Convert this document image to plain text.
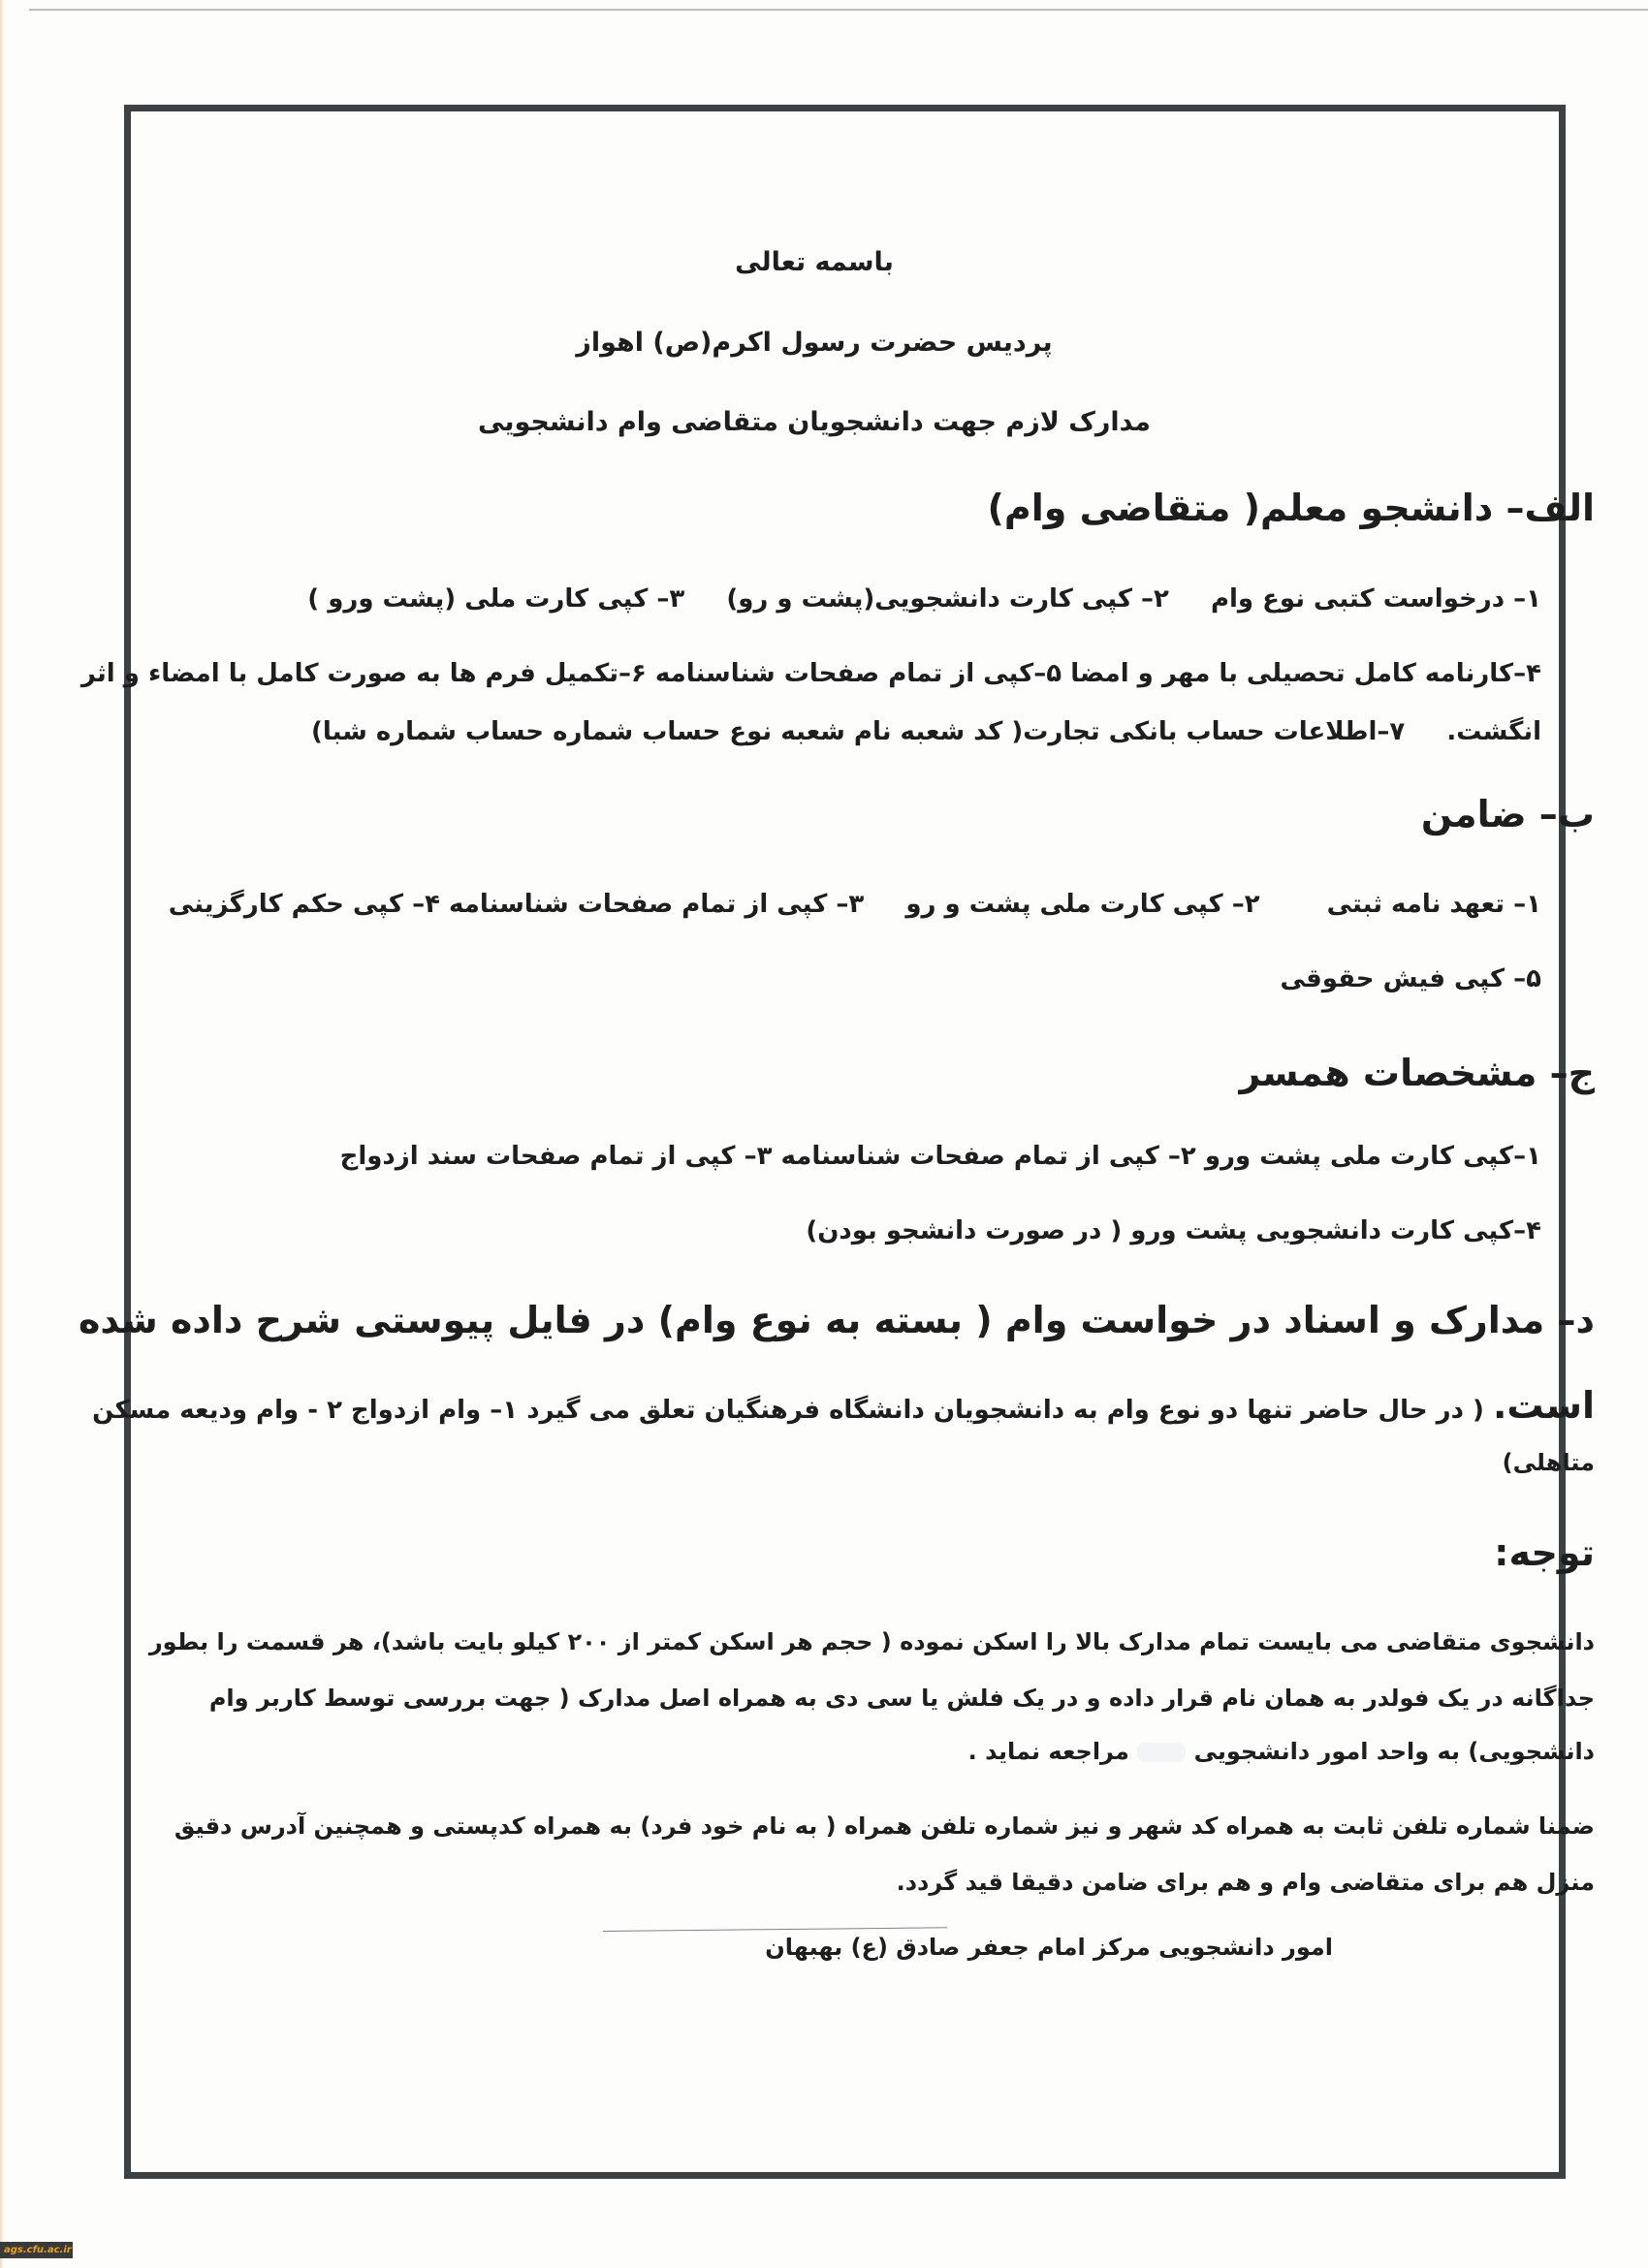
باسمه تعالی
پردیس حضرت رسول اکرم(ص) اهواز
مدارک لازم جهت دانشجویان متقاضی وام دانشجویی
الف– دانشجو معلم( متقاضی وام)
۱– درخواست کتبی نوع وام ۲– کپی کارت دانشجویی(پشت و رو) ۳– کپی کارت ملی (پشت ورو )
۴–کارنامه کامل تحصیلی با مهر و امضا ۵–کپی از تمام صفحات شناسنامه ۶–تکمیل فرم ها به صورت کامل با امضاء و اثر
انگشت. ۷–اطلاعات حساب بانکی تجارت( کد شعبه نام شعبه نوع حساب شماره حساب شماره شبا)
ب– ضامن
۱– تعهد نامه ثبتی ۲– کپی کارت ملی پشت و رو ۳– کپی از تمام صفحات شناسنامه ۴– کپی حکم کارگزینی
۵– کپی فیش حقوقی
ج– مشخصات همسر
۱–کپی کارت ملی پشت ورو ۲– کپی از تمام صفحات شناسنامه ۳– کپی از تمام صفحات سند ازدواج
۴–کپی کارت دانشجویی پشت ورو ( در صورت دانشجو بودن)
د– مدارک و اسناد در خواست وام ( بسته به نوع وام) در فایل پیوستی شرح داده شده
است. ( در حال حاضر تنها دو نوع وام به دانشجویان دانشگاه فرهنگیان تعلق می گیرد ۱– وام ازدواج ۲ - وام ودیعه مسکن
متاهلی)
توجه:
دانشجوی متقاضی می بایست تمام مدارک بالا را اسکن نموده ( حجم هر اسکن کمتر از ۲۰۰ کیلو بایت باشد)، هر قسمت را بطور
جداگانه در یک فولدر به همان نام قرار داده و در یک فلش یا سی دی به همراه اصل مدارک ( جهت بررسی توسط کاربر وام
دانشجویی) به واحد امور دانشجویی  مراجعه نماید .
ضمنا شماره تلفن ثابت به همراه کد شهر و نیز شماره تلفن همراه ( به نام خود فرد) به همراه کدپستی و همچنین آدرس دقیق
منزل هم برای متقاضی وام و هم برای ضامن دقیقا قید گردد.
امور دانشجویی مرکز امام جعفر صادق (ع) بهبهان
ags.cfu.ac.ir
